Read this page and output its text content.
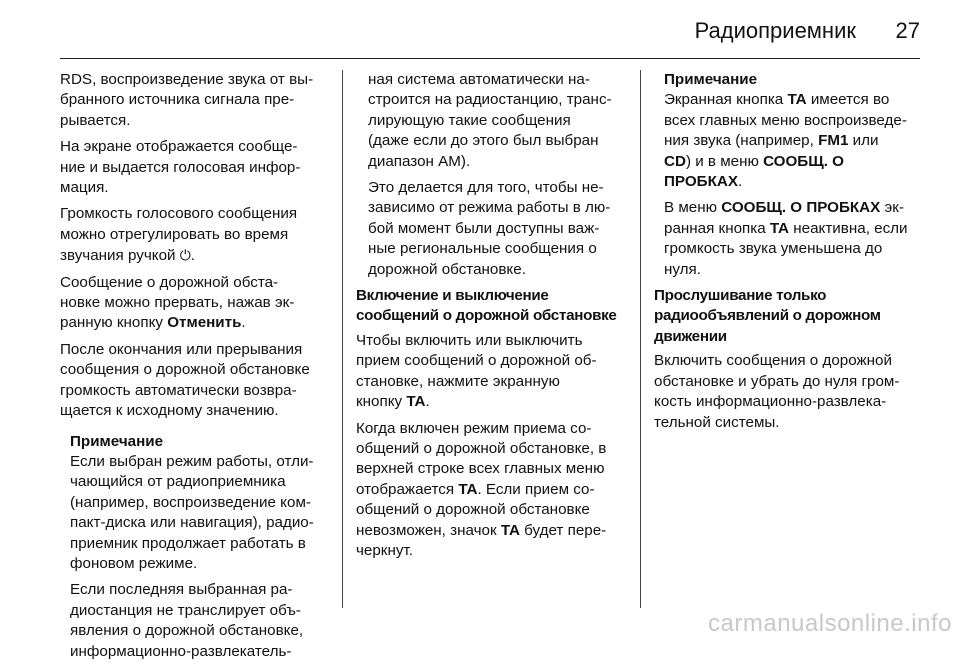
Радиоприемник 27

RDS, воспроизведение звука от вы-
бранного источника сигнала пре-
рывается.

На экране отображается сообще-
ние и выдается голосовая инфор-
мация.

Громкость голосового сообщения
можно отрегулировать во время
звучания ручкой ⏻.

Сообщение о дорожной обста-
новке можно прервать, нажав эк-
ранную кнопку Отменить.

После окончания или прерывания
сообщения о дорожной обстановке
громкость автоматически возвра-
щается к исходному значению.

Примечание
Если выбран режим работы, отли-
чающийся от радиоприемника
(например, воспроизведение ком-
пакт-диска или навигация), радио-
приемник продолжает работать в
фоновом режиме.

Если последняя выбранная ра-
диостанция не транслирует объ-
явления о дорожной обстановке,
информационно-развлекатель-

ная система автоматически на-
строится на радиостанцию, транс-
лирующую такие сообщения
(даже если до этого был выбран
диапазон AM).

Это делается для того, чтобы не-
зависимо от режима работы в лю-
бой момент были доступны важ-
ные региональные сообщения о
дорожной обстановке.

Включение и выключение
сообщений о дорожной обстановке

Чтобы включить или выключить
прием сообщений о дорожной об-
становке, нажмите экранную
кнопку TA.

Когда включен режим приема со-
общений о дорожной обстановке, в
верхней строке всех главных меню
отображается TA. Если прием со-
общений о дорожной обстановке
невозможен, значок TA будет пере-
черкнут.

Примечание
Экранная кнопка TA имеется во
всех главных меню воспроизведе-
ния звука (например, FM1 или
CD) и в меню СООБЩ. О
ПРОБКАХ.

В меню СООБЩ. О ПРОБКАХ эк-
ранная кнопка TA неактивна, если
громкость звука уменьшена до
нуля.

Прослушивание только
радиообъявлений о дорожном
движении

Включить сообщения о дорожной
обстановке и убрать до нуля гром-
кость информационно-развлека-
тельной системы.

carmanualsonline.info
